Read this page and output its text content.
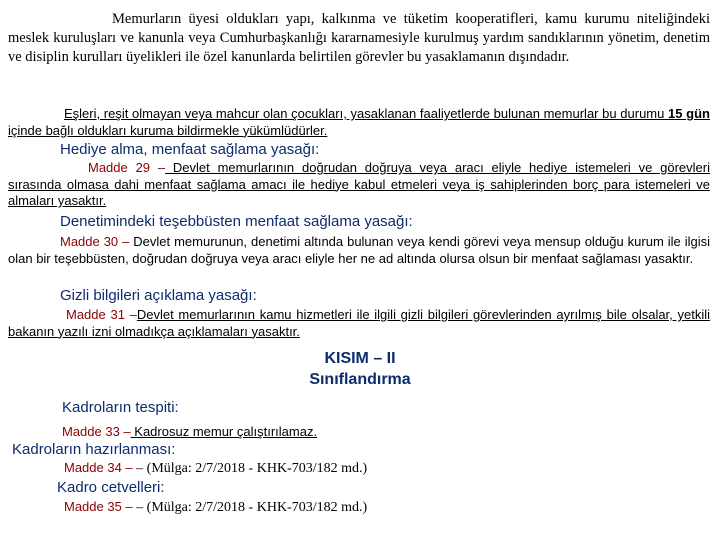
Memurların üyesi oldukları yapı, kalkınma ve tüketim kooperatifleri, kamu kurumu niteliğindeki meslek kuruluşları ve kanunla veya Cumhurbaşkanlığı kararnamesiyle kurulmuş yardım sandıklarının yönetim, denetim ve disiplin kurulları üyelikleri ile özel kanunlarda belirtilen görevler bu yasaklamanın dışındadır.
Eşleri, reşit olmayan veya mahcur olan çocukları, yasaklanan faaliyetlerde bulunan memurlar bu durumu 15 gün içinde bağlı oldukları kuruma bildirmekle yükümlüdürler.
Hediye alma, menfaat sağlama yasağı:
Madde 29 – Devlet memurlarının doğrudan doğruya veya aracı eliyle hediye istemeleri ve görevleri sırasında olmasa dahi menfaat sağlama amacı ile hediye kabul etmeleri veya iş sahiplerinden borç para istemeleri ve almaları yasaktır.
Denetimindeki teşebbüsten menfaat sağlama yasağı:
Madde 30 – Devlet memurunun, denetimi altında bulunan veya kendi görevi veya mensup olduğu kurum ile ilgisi olan bir teşebbüsten, doğrudan doğruya veya aracı eliyle her ne ad altında olursa olsun bir menfaat sağlaması yasaktır.
Gizli bilgileri açıklama yasağı:
Madde 31 –Devlet memurlarının kamu hizmetleri ile ilgili gizli bilgileri görevlerinden ayrılmış bile olsalar, yetkili bakanın yazılı izni olmadıkça açıklamaları yasaktır.
KISIM – II
Sınıflandırma
Kadroların tespiti:
Madde 33 – Kadrosuz memur çalıştırılamaz.
Kadroların hazırlanması:
Madde 34 – – (Mülga: 2/7/2018 - KHK-703/182 md.)
Kadro cetvelleri:
Madde 35 – – (Mülga: 2/7/2018 - KHK-703/182 md.)
